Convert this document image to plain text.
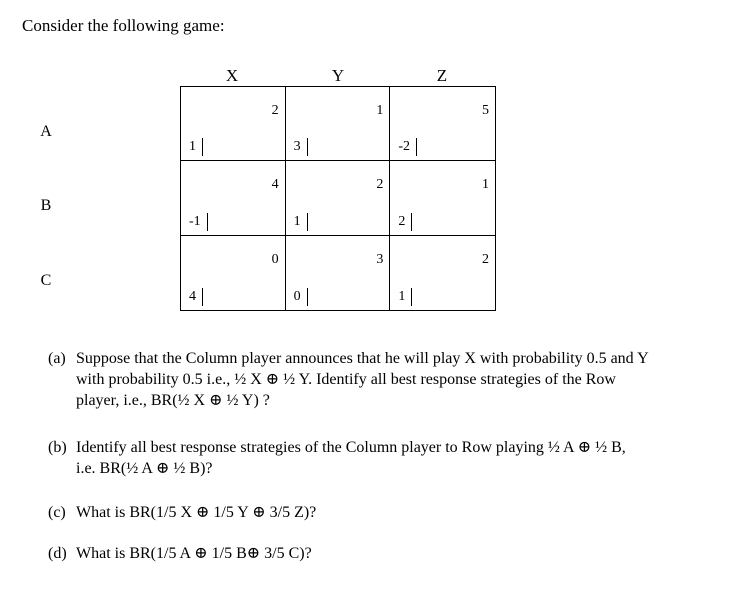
Consider the following game:
X	Y	Z
A
B
C
2
1
1
3
5
-2
4
-1
2
1
1
2
0
4
3
0
2
1
(a) Suppose that the Column player announces that he will play X with probability 0.5 and Y
with probability 0.5 i.e., ½ X ⊕ ½ Y. Identify all best response strategies of the Row
player, i.e., BR(½ X ⊕ ½ Y) ?
(b) Identify all best response strategies of the Column player to Row playing ½ A ⊕ ½ B,
i.e. BR(½ A ⊕ ½ B)?
(c) What is BR(1/5 X ⊕ 1/5 Y ⊕ 3/5 Z)?
(d) What is BR(1/5 A ⊕ 1/5 B⊕ 3/5 C)?
